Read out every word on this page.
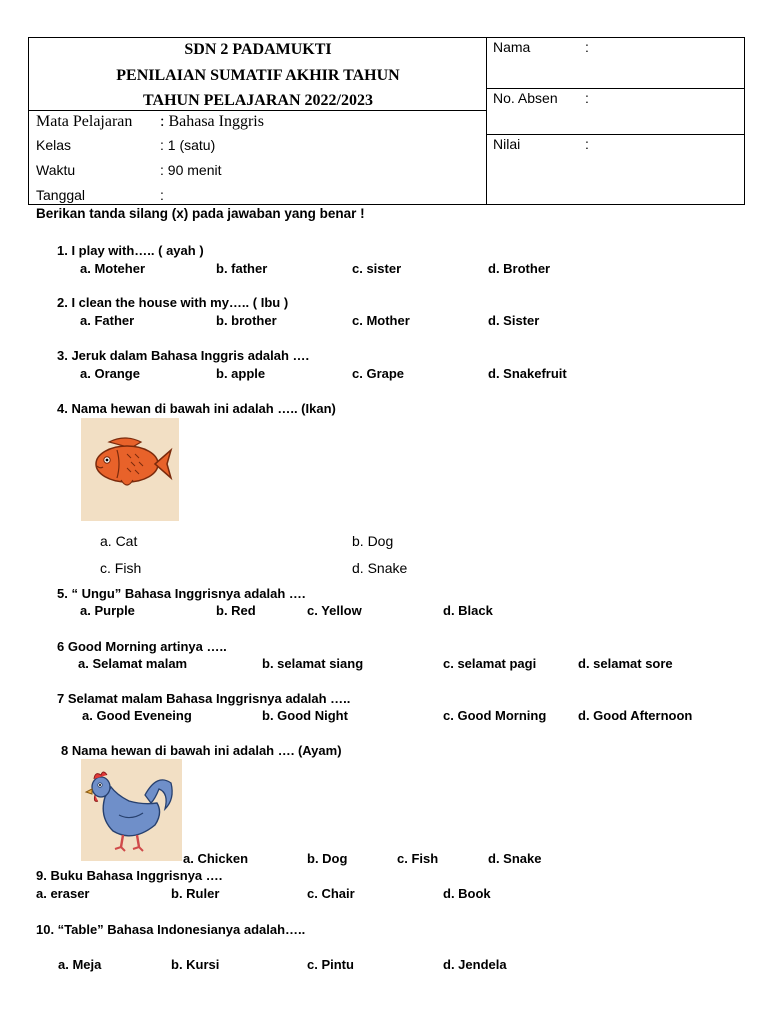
SDN 2 PADAMUKTI
PENILAIAN SUMATIF AKHIR TAHUN
TAHUN PELAJARAN 2022/2023
Mata Pelajaran : Bahasa Inggris
Kelas	: 1 (satu)
Waktu	: 90 menit
Tanggal	:
Nama	:
No. Absen :
Nilai	:
Berikan tanda silang (x) pada jawaban yang benar !
1. I play with….. ( ayah )
a. Moteher	b. father	c. sister	d. Brother
2. I clean the house with my….. ( Ibu )
a. Father	b. brother	c. Mother	d. Sister
3. Jeruk dalam Bahasa Inggris adalah ….
a. Orange	b. apple	c. Grape	d. Snakefruit
4. Nama hewan di bawah ini adalah ….. (Ikan)
a. Cat	b. Dog
c. Fish	d. Snake
5. “ Ungu” Bahasa Inggrisnya adalah ….
a. Purple	b. Red	c. Yellow	d. Black
6 Good Morning artinya …..
a. Selamat malam	b. selamat siang	c. selamat pagi	d. selamat sore
7 Selamat malam Bahasa Inggrisnya adalah …..
a. Good Eveneing	b. Good Night	c. Good Morning d. Good Afternoon
8 Nama hewan di bawah ini adalah …. (Ayam)
a. Chicken	b. Dog	c. Fish	d. Snake
9. Buku Bahasa Inggrisnya ….
a. eraser	b. Ruler	c. Chair	d. Book
10. “Table” Bahasa Indonesianya adalah…..
a. Meja	b. Kursi	c. Pintu	d. Jendela
